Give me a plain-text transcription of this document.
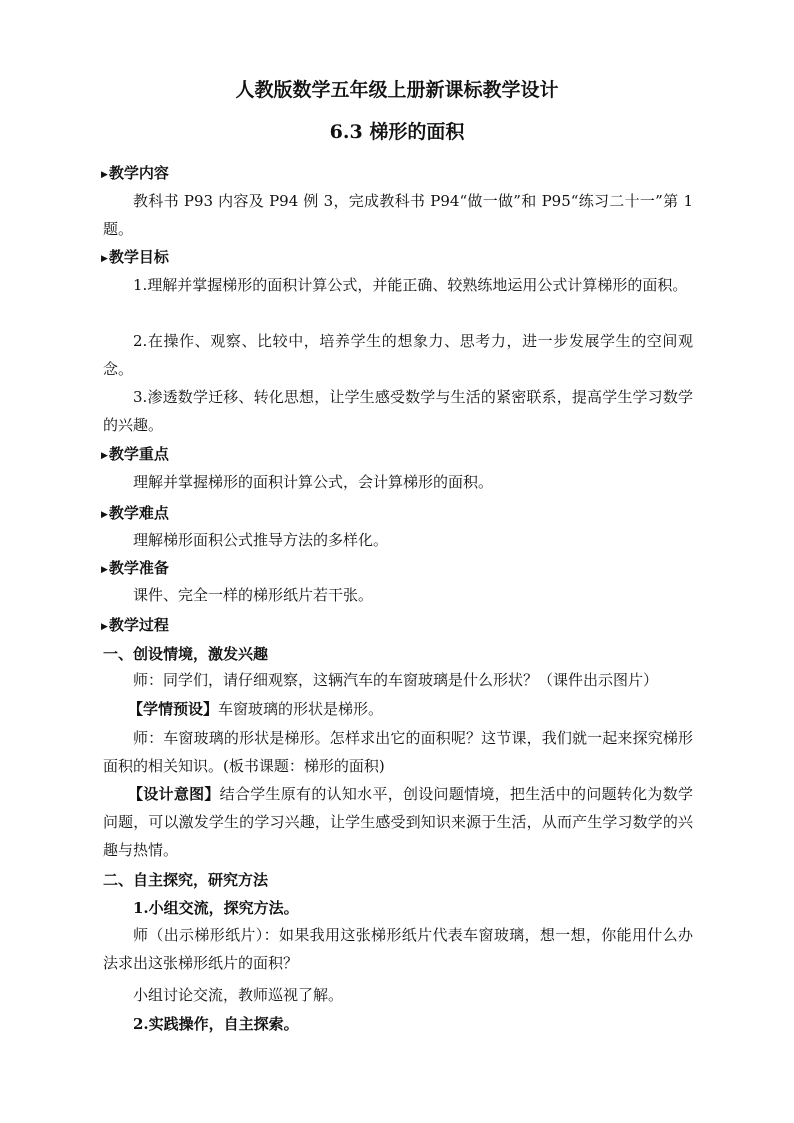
人教版数学五年级上册新课标教学设计
6.3 梯形的面积
▶教学内容

教科书 P93 内容及 P94 例 3，完成教科书 P94“做一做”和 P95“练习二十一”第 1 题。

▶教学目标

1.理解并掌握梯形的面积计算公式，并能正确、较熟练地运用公式计算梯形的面积。

2.在操作、观察、比较中，培养学生的想象力、思考力，进一步发展学生的空间观念。

3.渗透数学迁移、转化思想，让学生感受数学与生活的紧密联系，提高学生学习数学的兴趣。

▶教学重点
理解并掌握梯形的面积计算公式，会计算梯形的面积。
▶教学难点
理解梯形面积公式推导方法的多样化。
▶教学准备
课件、完全一样的梯形纸片若干张。
▶教学过程
一、创设情境，激发兴趣
师：同学们，请仔细观察，这辆汽车的车窗玻璃是什么形状？（课件出示图片）
【学情预设】车窗玻璃的形状是梯形。

师：车窗玻璃的形状是梯形。怎样求出它的面积呢？这节课，我们就一起来探究梯形面积的相关知识。(板书课题：梯形的面积)

【设计意图】结合学生原有的认知水平，创设问题情境，把生活中的问题转化为数学问题，可以激发学生的学习兴趣，让学生感受到知识来源于生活，从而产生学习数学的兴趣与热情。

二、自主探究，研究方法
1.小组交流，探究方法。

师（出示梯形纸片）：如果我用这张梯形纸片代表车窗玻璃，想一想，你能用什么办法求出这张梯形纸片的面积？

小组讨论交流，教师巡视了解。
2.实践操作，自主探索。
